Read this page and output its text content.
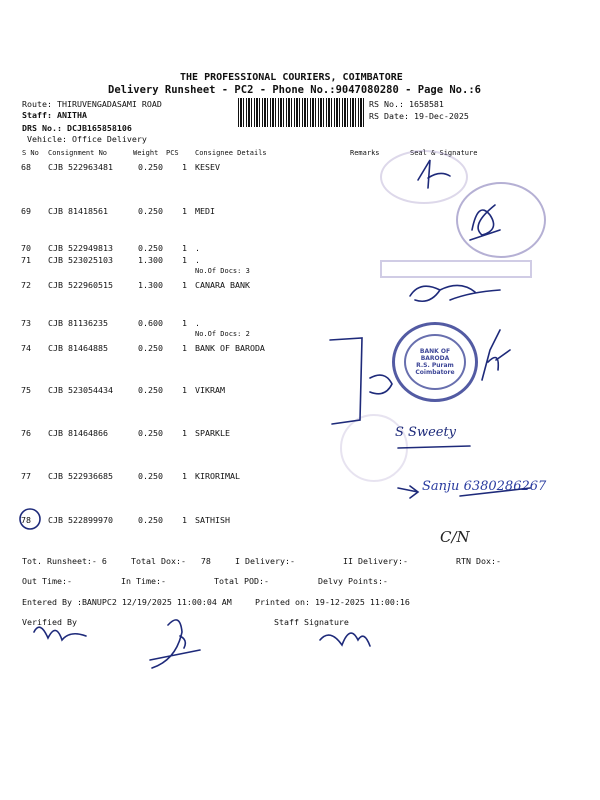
THE PROFESSIONAL COURIERS, COIMBATORE
Delivery Runsheet - PC2 - Phone No.:9047080280 - Page No.:6
Route: THIRUVENGADASAMI ROAD
Staff: ANITHA
DRS No.: DCJB165858106
Vehicle: Office Delivery
RS No.: 1658581
RS Date: 19-Dec-2025
S No Consignment No	Weight PCS Consignee Details	Remarks	Seal & Signature
68 CJB 522963481	0.250 1 KESEV
69 CJB 81418561	0.250 1 MEDI
70 CJB 522949813	0.250 1 .
71 CJB 523025103	1.300 1 .
No.Of Docs: 3
72 CJB 522960515	1.300 1 CANARA BANK
73 CJB 81136235	0.600 1 .
No.Of Docs: 2
74 CJB 81464885	0.250 1 BANK OF BARODA
75 CJB 523054434	0.250 1 VIKRAM
76 CJB 81464866	0.250 1 SPARKLE
77 CJB 522936685	0.250 1 KIRORIMAL
78 CJB 522899970	0.250 1 SATHISH
BANK OF BARODA
R.S. Puram Coimbatore
S Sweety
Sanju 6380286267
C/N
Tot. Runsheet:- 6	Total Dox:-   78	I Delivery:-	II Delivery:-	RTN Dox:-
Out Time:-	In Time:-	Total POD:-	Delvy Points:-
Entered By :BANUPC2 12/19/2025 11:00:04 AM	Printed on: 19-12-2025 11:00:16
Verified By	Staff Signature
